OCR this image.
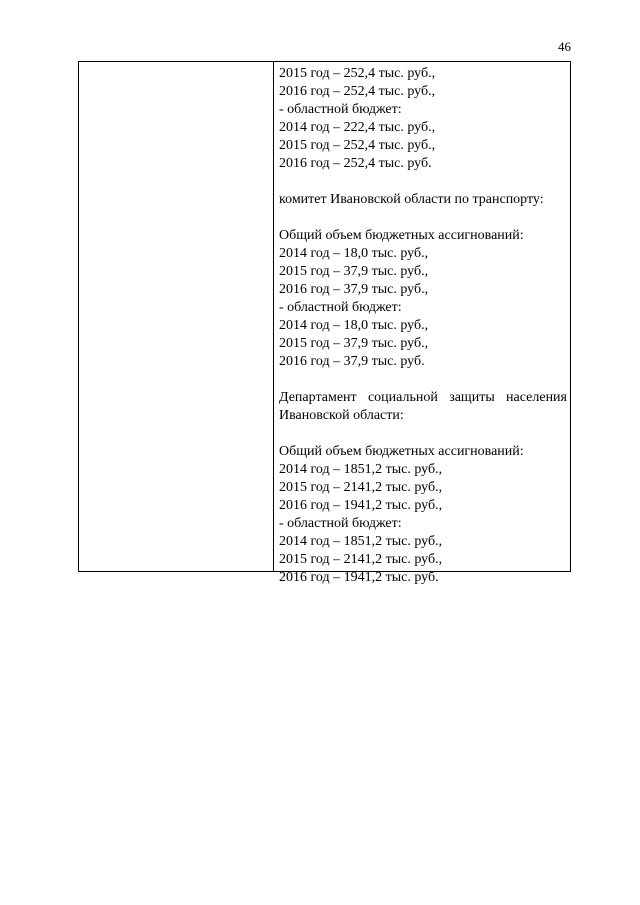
46
2015 год – 252,4 тыс. руб.,
2016 год – 252,4 тыс. руб.,
- областной бюджет:
2014 год – 222,4 тыс. руб.,
2015 год – 252,4 тыс. руб.,
2016 год – 252,4 тыс. руб.
комитет Ивановской области по транспорту:
Общий объем бюджетных ассигнований:
2014 год – 18,0 тыс. руб.,
2015 год – 37,9 тыс. руб.,
2016 год – 37,9 тыс. руб.,
- областной бюджет:
2014 год – 18,0 тыс. руб.,
2015 год – 37,9 тыс. руб.,
2016 год – 37,9 тыс. руб.
Департамент социальной защиты населения
Ивановской области:
Общий объем бюджетных ассигнований:
2014 год – 1851,2 тыс. руб.,
2015 год – 2141,2 тыс. руб.,
2016 год – 1941,2 тыс. руб.,
- областной бюджет:
2014 год – 1851,2 тыс. руб.,
2015 год – 2141,2 тыс. руб.,
2016 год – 1941,2 тыс. руб.
